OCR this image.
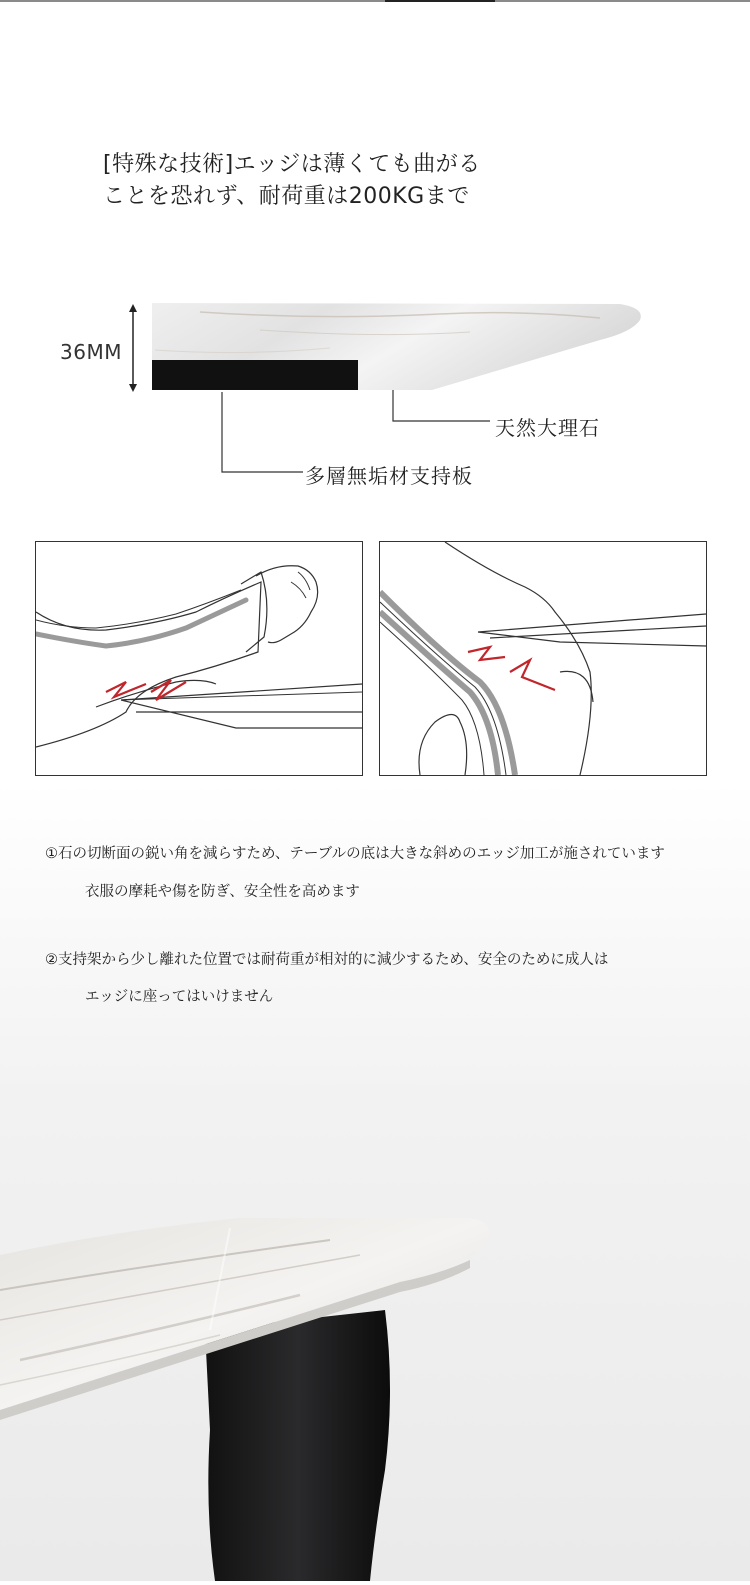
[特殊な技術]エッジは薄くても曲がる
ことを恐れず、耐荷重は200KGまで
36MM
天然大理石
多層無垢材支持板
①石の切断面の鋭い角を減らすため、テーブルの底は大きな斜めのエッジ加工が施されています
衣服の摩耗や傷を防ぎ、安全性を高めます
②支持架から少し離れた位置では耐荷重が相対的に減少するため、安全のために成人は
エッジに座ってはいけません
